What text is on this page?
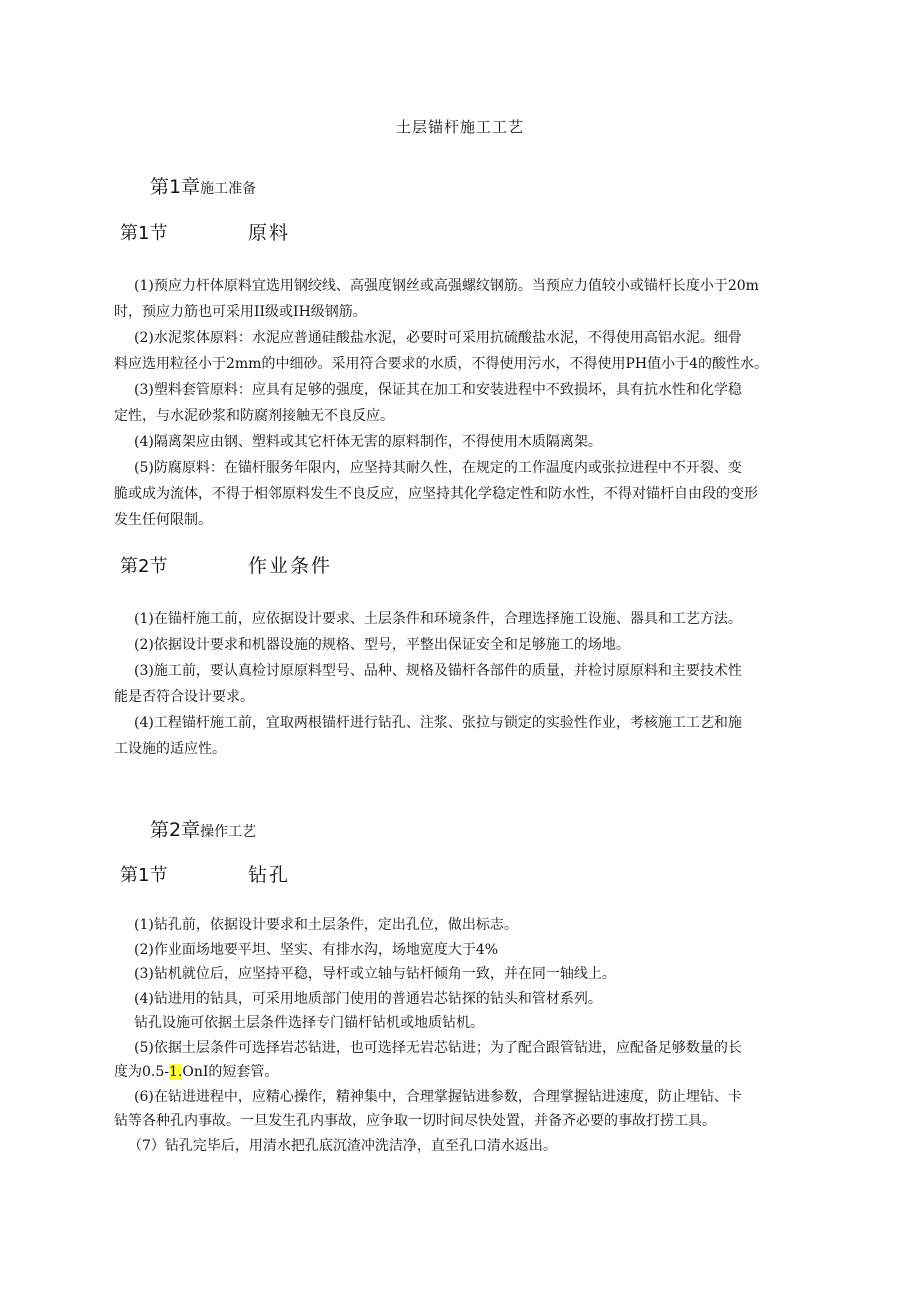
土层锚杆施工工艺
第1章施工准备
第1节	原料
(1)预应力杆体原料宜选用钢绞线、高强度钢丝或高强螺纹钢筋。当预应力值较小或锚杆长度小于20m
时，预应力筋也可采用II级或IH级钢筋。
(2)水泥浆体原料：水泥应普通硅酸盐水泥，必要时可采用抗硫酸盐水泥，不得使用高铝水泥。细骨
料应选用粒径小于2mm的中细砂。采用符合要求的水质，不得使用污水，不得使用PH值小于4的酸性水。
(3)塑料套管原料：应具有足够的强度，保证其在加工和安装进程中不致损坏，具有抗水性和化学稳
定性，与水泥砂浆和防腐剂接触无不良反应。
(4)隔离架应由钢、塑料或其它杆体无害的原料制作，不得使用木质隔离架。
(5)防腐原料：在锚杆服务年限内，应坚持其耐久性，在规定的工作温度内或张拉进程中不开裂、变
脆或成为流体，不得于相邻原料发生不良反应，应坚持其化学稳定性和防水性，不得对锚杆自由段的变形
发生任何限制。
第2节	作业条件
(1)在锚杆施工前，应依据设计要求、土层条件和环境条件，合理选择施工设施、器具和工艺方法。
(2)依据设计要求和机器设施的规格、型号，平整出保证安全和足够施工的场地。
(3)施工前，要认真检讨原原料型号、品种、规格及锚杆各部件的质量，并检讨原原料和主要技术性
能是否符合设计要求。
(4)工程锚杆施工前，宜取两根锚杆进行钻孔、注浆、张拉与锁定的实验性作业，考核施工工艺和施
工设施的适应性。
第2章操作工艺
第1节	钻孔
(1)钻孔前，依据设计要求和土层条件，定出孔位，做出标志。
(2)作业面场地要平坦、坚实、有排水沟，场地宽度大于4%
(3)钻机就位后，应坚持平稳，导杆或立轴与钻杆倾角一致，并在同一轴线上。
(4)钻进用的钻具，可采用地质部门使用的普通岩芯钻探的钻头和管材系列。
钻孔设施可依据土层条件选择专门锚杆钻机或地质钻机。
(5)依据土层条件可选择岩芯钻进，也可选择无岩芯钻进；为了配合跟管钻进，应配备足够数量的长
度为0.5-1.OnI的短套管。
(6)在钻进进程中，应精心操作，精神集中，合理掌握钻进参数，合理掌握钻进速度，防止埋钻、卡
钻等各种孔内事故。一旦发生孔内事故，应争取一切时间尽快处置，并备齐必要的事故打捞工具。
（7）钻孔完毕后，用清水把孔底沉渣冲洗洁净，直至孔口清水返出。
